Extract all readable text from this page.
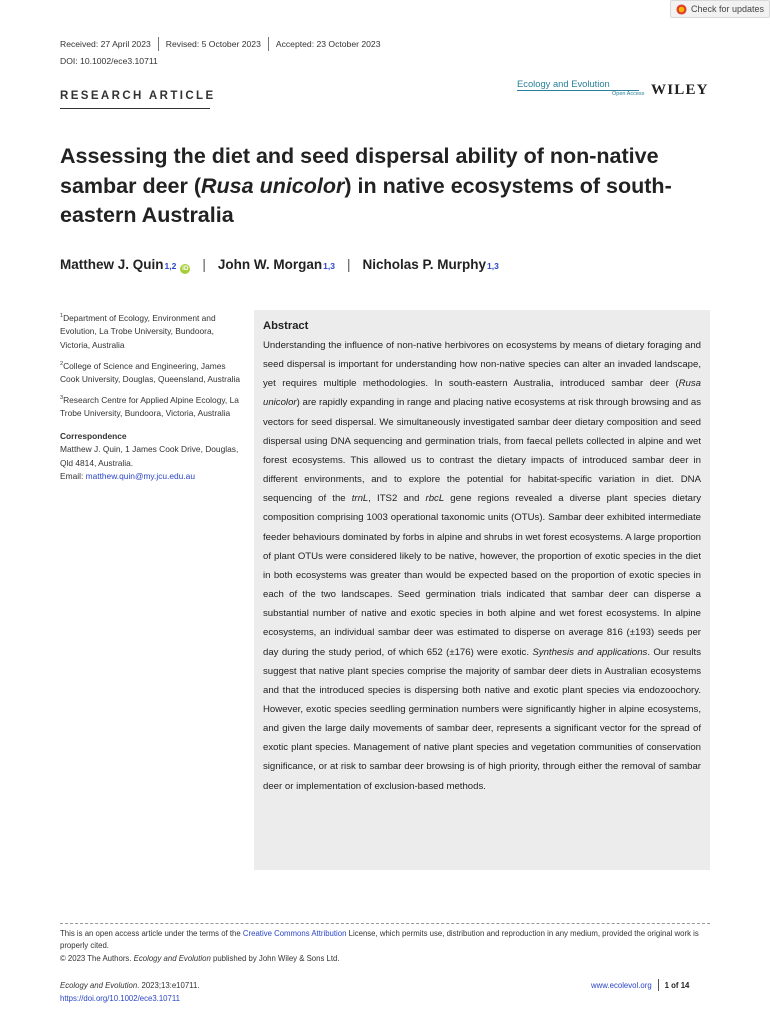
Check for updates
Received: 27 April 2023 Revised: 5 October 2023 Accepted: 23 October 2023
DOI: 10.1002/ece3.10711
RESEARCH ARTICLE
Ecology and Evolution
Open Access WILEY
Assessing the diet and seed dispersal ability of non-native sambar deer (Rusa unicolor) in native ecosystems of south-eastern Australia
Matthew J. Quin 1,2 iD | John W. Morgan 1,3 | Nicholas P. Murphy 1,3

$^1$Department of Ecology, Environment and Evolution, La Trobe University, Bundoora, Victoria, Australia

$^2$College of Science and Engineering, James Cook University, Douglas, Queensland, Australia

$^3$Research Centre for Applied Alpine Ecology, La Trobe University, Bundoora, Victoria, Australia

Correspondence
Matthew J. Quin, 1 James Cook Drive, Douglas, Qld 4814, Australia.
Email: matthew.quin@my.jcu.edu.au
Abstract
Understanding the influence of non-native herbivores on ecosystems by means of dietary foraging and seed dispersal is important for understanding how non-native species can alter an invaded landscape, yet requires multiple methodologies. In south-eastern Australia, introduced sambar deer (Rusa unicolor) are rapidly expanding in range and placing native ecosystems at risk through browsing and as vectors for seed dispersal. We simultaneously investigated sambar deer dietary composition and seed dispersal using DNA sequencing and germination trials, from faecal pellets collected in alpine and wet forest ecosystems. This allowed us to contrast the dietary impacts of introduced sambar deer in different environments, and to explore the potential for habitat-specific variation in diet. DNA sequencing of the trnL, ITS2 and rbcL gene regions revealed a diverse plant species dietary composition comprising 1003 operational taxonomic units (OTUs). Sambar deer exhibited intermediate feeder behaviours dominated by forbs in alpine and shrubs in wet forest ecosystems. A large proportion of plant OTUs were considered likely to be native, however, the proportion of exotic species in the diet in both ecosystems was greater than would be expected based on the proportion of exotic species in each of the two landscapes. Seed germination trials indicated that sambar deer can disperse a substantial number of native and exotic species in both alpine and wet forest ecosystems. In alpine ecosystems, an individual sambar deer was estimated to disperse on average 816 (±193) seeds per day during the study period, of which 652 (±176) were exotic. Synthesis and applications. Our results suggest that native plant species comprise the majority of sambar deer diets in Australian ecosystems and that the introduced species is dispersing both native and exotic plant species via endozoochory. However, exotic species seedling germination numbers were significantly higher in alpine ecosystems, and given the large daily movements of sambar deer, represents a significant vector for the spread of exotic plant species. Management of native plant species and vegetation communities of conservation significance, or at risk to sambar deer browsing is of high priority, through either the removal of sambar deer or implementation of exclusion-based methods.
This is an open access article under the terms of the Creative Commons Attribution License, which permits use, distribution and reproduction in any medium, provided the original work is properly cited.
© 2023 The Authors. Ecology and Evolution published by John Wiley & Sons Ltd.
Ecology and Evolution. 2023;13:e10711.
https://doi.org/10.1002/ece3.10711
www.ecolevol.org 1 of 14
